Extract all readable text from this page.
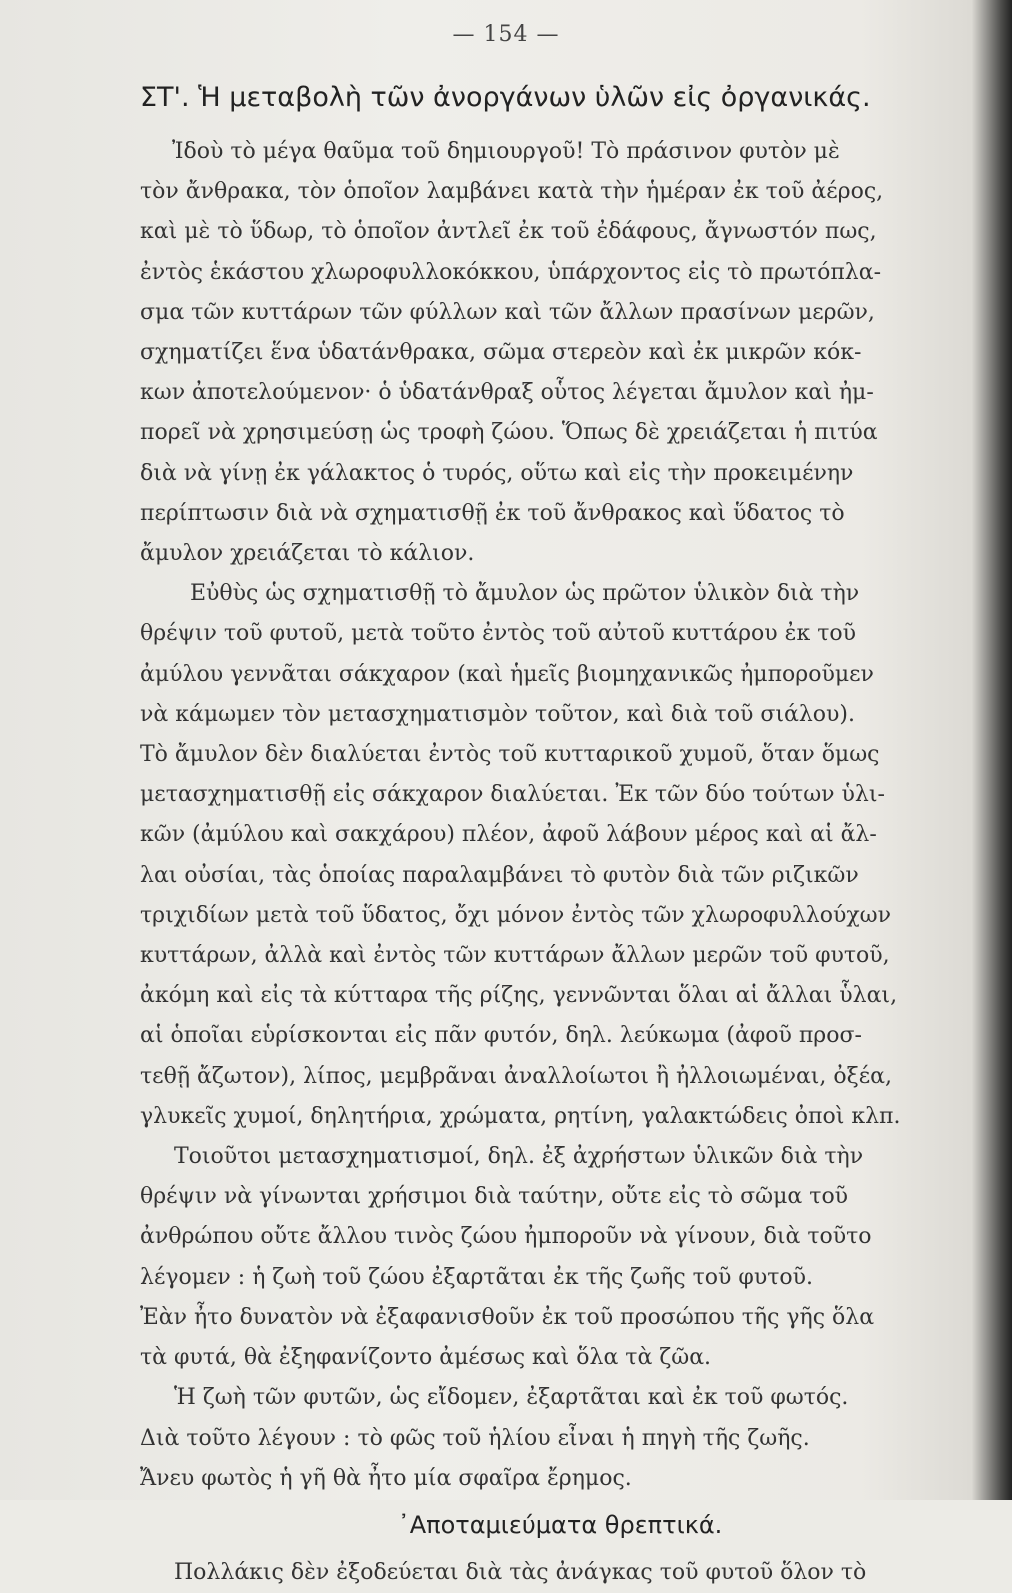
— 154 —
ΣΤ'. Ἡ μεταβολὴ τῶν ἀνοργάνων ὑλῶν εἰς ὀργανικάς.
Ἰδοὺ τὸ μέγα θαῦμα τοῦ δημιουργοῦ! Τὸ πράσινον φυτὸν μὲ
τὸν ἄνθρακα, τὸν ὁποῖον λαμβάνει κατὰ τὴν ἡμέραν ἐκ τοῦ ἀέρος,
καὶ μὲ τὸ ὕδωρ, τὸ ὁποῖον ἀντλεῖ ἐκ τοῦ ἐδάφους, ἄγνωστόν πως,
ἐντὸς ἑκάστου χλωροφυλλοκόκκου, ὑπάρχοντος εἰς τὸ πρωτόπλα-
σμα τῶν κυττάρων τῶν φύλλων καὶ τῶν ἄλλων πρασίνων μερῶν,
σχηματίζει ἕνα ὑδατάνθρακα, σῶμα στερεὸν καὶ ἐκ μικρῶν κόκ-
κων ἀποτελούμενον· ὁ ὑδατάνθραξ οὗτος λέγεται ἄμυλον καὶ ἠμ-
πορεῖ νὰ χρησιμεύσῃ ὡς τροφὴ ζώου. Ὅπως δὲ χρειάζεται ἡ πιτύα
διὰ νὰ γίνῃ ἐκ γάλακτος ὁ τυρός, οὕτω καὶ εἰς τὴν προκειμένην
περίπτωσιν διὰ νὰ σχηματισθῇ ἐκ τοῦ ἄνθρακος καὶ ὕδατος τὸ
ἄμυλον χρειάζεται τὸ κάλιον.
Εὐθὺς ὡς σχηματισθῇ τὸ ἄμυλον ὡς πρῶτον ὑλικὸν διὰ τὴν
θρέψιν τοῦ φυτοῦ, μετὰ τοῦτο ἐντὸς τοῦ αὐτοῦ κυττάρου ἐκ τοῦ
ἀμύλου γεννᾶται σάκχαρον (καὶ ἡμεῖς βιομηχανικῶς ἠμποροῦμεν
νὰ κάμωμεν τὸν μετασχηματισμὸν τοῦτον, καὶ διὰ τοῦ σιάλου).
Τὸ ἄμυλον δὲν διαλύεται ἐντὸς τοῦ κυτταρικοῦ χυμοῦ, ὅταν ὅμως
μετασχηματισθῇ εἰς σάκχαρον διαλύεται. Ἐκ τῶν δύο τούτων ὑλι-
κῶν (ἀμύλου καὶ σακχάρου) πλέον, ἀφοῦ λάβουν μέρος καὶ αἱ ἄλ-
λαι οὐσίαι, τὰς ὁποίας παραλαμβάνει τὸ φυτὸν διὰ τῶν ριζικῶν
τριχιδίων μετὰ τοῦ ὕδατος, ὄχι μόνον ἐντὸς τῶν χλωροφυλλούχων
κυττάρων, ἀλλὰ καὶ ἐντὸς τῶν κυττάρων ἄλλων μερῶν τοῦ φυτοῦ,
ἀκόμη καὶ εἰς τὰ κύτταρα τῆς ρίζης, γεννῶνται ὅλαι αἱ ἄλλαι ὗλαι,
αἱ ὁποῖαι εὑρίσκονται εἰς πᾶν φυτόν, δηλ. λεύκωμα (ἀφοῦ προσ-
τεθῇ ἄζωτον), λίπος, μεμβρᾶναι ἀναλλοίωτοι ἢ ἠλλοιωμέναι, ὀξέα,
γλυκεῖς χυμοί, δηλητήρια, χρώματα, ρητίνη, γαλακτώδεις ὀποὶ κλπ.
Τοιοῦτοι μετασχηματισμοί, δηλ. ἐξ ἀχρήστων ὑλικῶν διὰ τὴν
θρέψιν νὰ γίνωνται χρήσιμοι διὰ ταύτην, οὔτε εἰς τὸ σῶμα τοῦ
ἀνθρώπου οὔτε ἄλλου τινὸς ζώου ἠμποροῦν νὰ γίνουν, διὰ τοῦτο
λέγομεν : ἡ ζωὴ τοῦ ζώου ἐξαρτᾶται ἐκ τῆς ζωῆς τοῦ φυτοῦ.
Ἐὰν ἦτο δυνατὸν νὰ ἐξαφανισθοῦν ἐκ τοῦ προσώπου τῆς γῆς ὅλα
τὰ φυτά, θὰ ἐξηφανίζοντο ἀμέσως καὶ ὅλα τὰ ζῶα.
Ἡ ζωὴ τῶν φυτῶν, ὡς εἴδομεν, ἐξαρτᾶται καὶ ἐκ τοῦ φωτός.
Διὰ τοῦτο λέγουν : τὸ φῶς τοῦ ἡλίου εἶναι ἡ πηγὴ τῆς ζωῆς.
Ἄνευ φωτὸς ἡ γῆ θὰ ἦτο μία σφαῖρα ἔρημος.
᾿Αποταμιεύματα θρεπτικά.
Πολλάκις δὲν ἐξοδεύεται διὰ τὰς ἀνάγκας τοῦ φυτοῦ ὅλον τὸ
